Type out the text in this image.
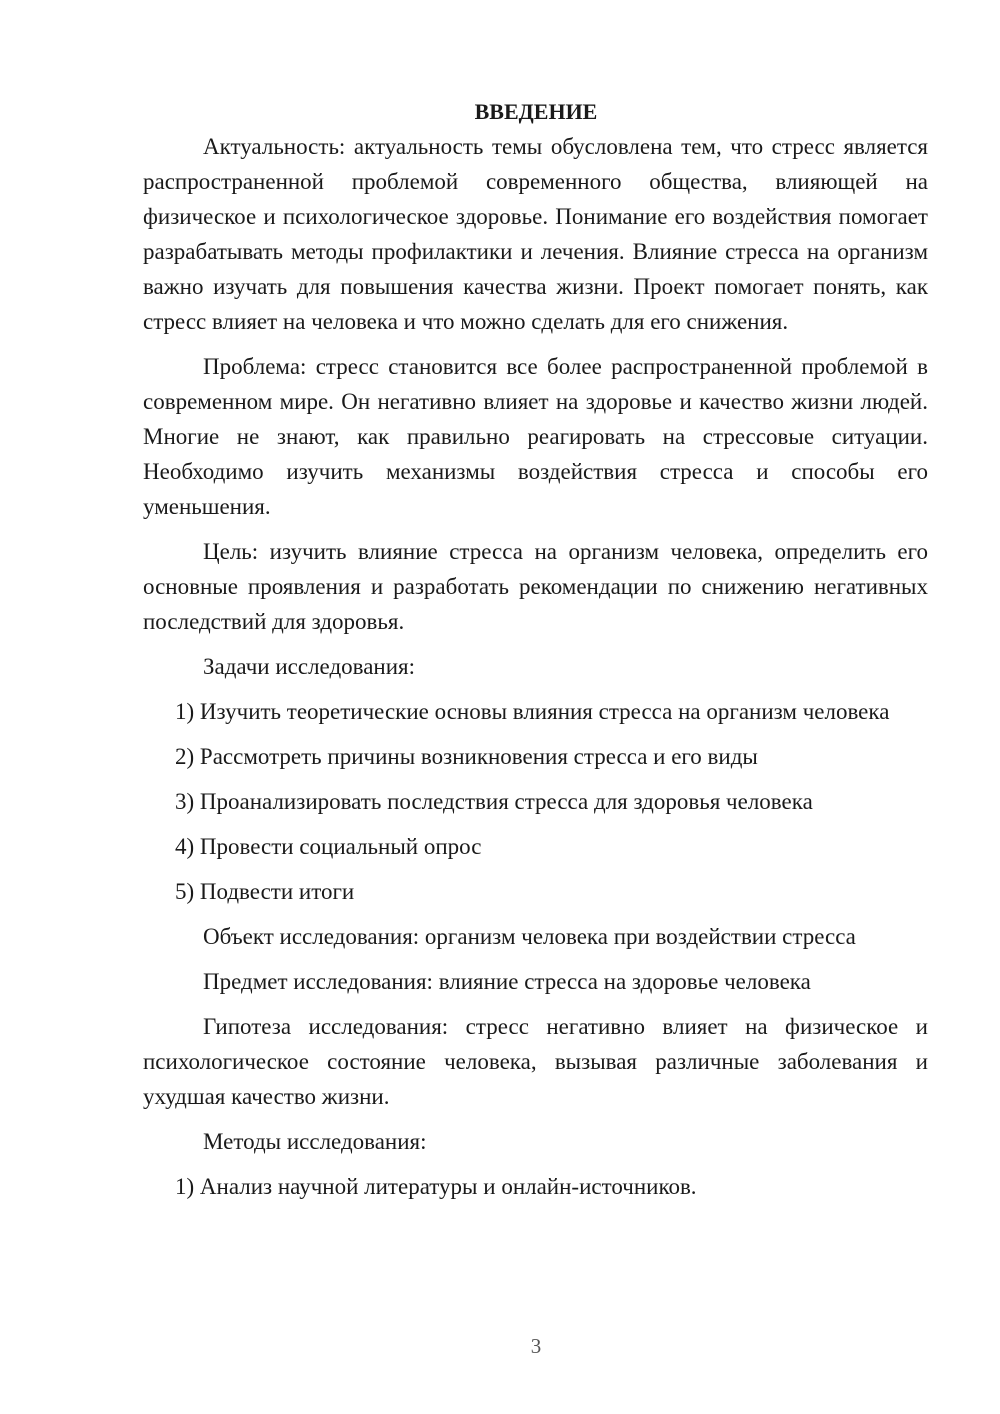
ВВЕДЕНИЕ

Актуальность: актуальность темы обусловлена тем, что стресс является распространенной проблемой современного общества, влияющей на физическое и психологическое здоровье. Понимание его воздействия помогает разрабатывать методы профилактики и лечения. Влияние стресса на организм важно изучать для повышения качества жизни. Проект помогает понять, как стресс влияет на человека и что можно сделать для его снижения.

Проблема: стресс становится все более распространенной проблемой в современном мире. Он негативно влияет на здоровье и качество жизни людей. Многие не знают, как правильно реагировать на стрессовые ситуации. Необходимо изучить механизмы воздействия стресса и способы его уменьшения.

Цель: изучить влияние стресса на организм человека, определить его основные проявления и разработать рекомендации по снижению негативных последствий для здоровья.

Задачи исследования:

1) Изучить теоретические основы влияния стресса на организм человека

2) Рассмотреть причины возникновения стресса и его виды

3) Проанализировать последствия стресса для здоровья человека

4) Провести социальный опрос

5) Подвести итоги

Объект исследования: организм человека при воздействии стресса

Предмет исследования: влияние стресса на здоровье человека

Гипотеза исследования: стресс негативно влияет на физическое и психологическое состояние человека, вызывая различные заболевания и ухудшая качество жизни.

Методы исследования:

1) Анализ научной литературы и онлайн-источников.

3
